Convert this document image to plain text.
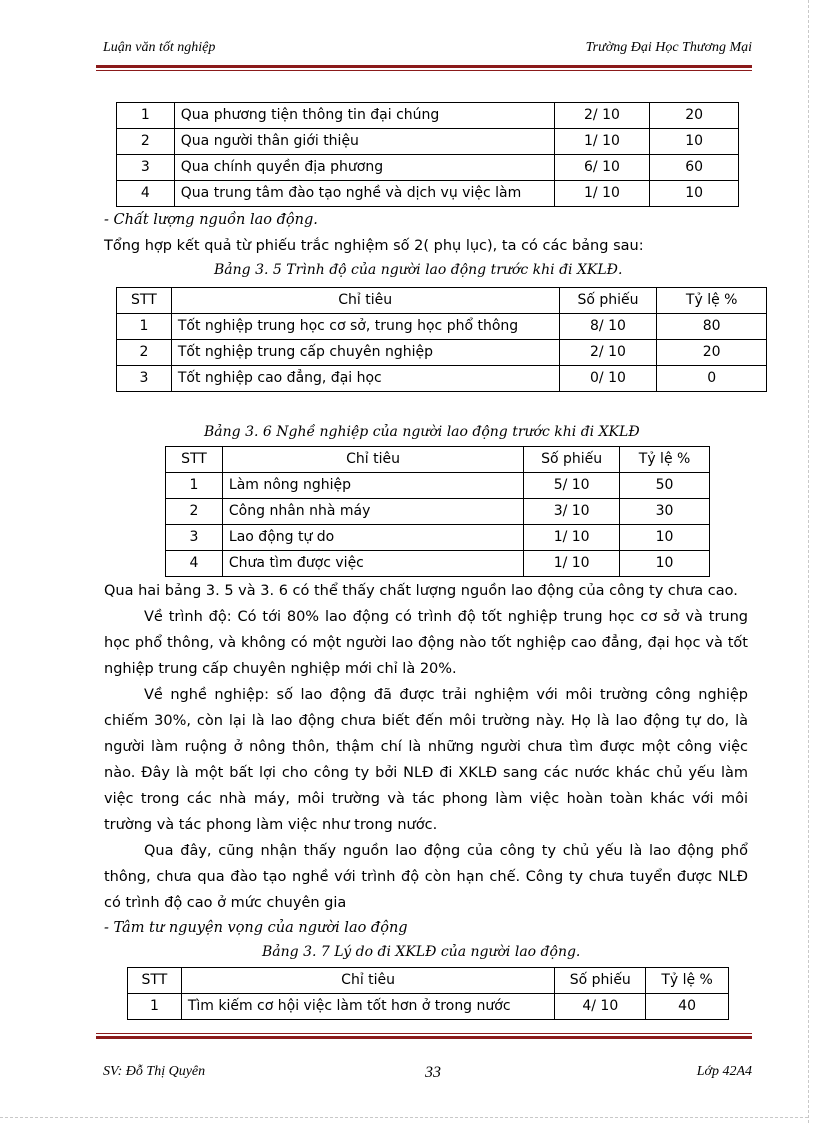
Luận văn tốt nghiệp	Trường Đại Học Thương Mại
1	Qua phương tiện thông tin đại chúng	2/ 10	20
2	Qua người thân giới thiệu	1/ 10	10
3	Qua chính quyền địa phương	6/ 10	60
4	Qua trung tâm đào tạo nghề và dịch vụ việc làm	1/ 10	10
- Chất lượng nguồn lao động.
Tổng hợp kết quả từ phiếu trắc nghiệm số 2( phụ lục), ta có các bảng sau:
Bảng 3. 5 Trình độ của người lao động trước khi đi XKLĐ.
STT	Chỉ tiêu	Số phiếu	Tỷ lệ %
1	Tốt nghiệp trung học cơ sở, trung học phổ thông	8/ 10	80
2	Tốt nghiệp trung cấp chuyên nghiệp	2/ 10	20
3	Tốt nghiệp cao đẳng, đại học	0/ 10	0
Bảng 3. 6 Nghề nghiệp của người lao động trước khi đi XKLĐ
STT	Chỉ tiêu	Số phiếu	Tỷ lệ %
1	Làm nông nghiệp	5/ 10	50
2	Công nhân nhà máy	3/ 10	30
3	Lao động tự do	1/ 10	10
4	Chưa tìm được việc	1/ 10	10
Qua hai bảng 3. 5 và 3. 6 có thể thấy chất lượng nguồn lao động của công ty chưa cao.
Về trình độ: Có tới 80% lao động có trình độ tốt nghiệp trung học cơ sở và trung học phổ thông, và không có một người lao động nào tốt nghiệp cao đẳng, đại học và tốt nghiệp trung cấp chuyên nghiệp mới chỉ là 20%.
Về nghề nghiệp: số lao động đã được trải nghiệm với môi trường công nghiệp chiếm 30%, còn lại là lao động chưa biết đến môi trường này. Họ là lao động tự do, là người làm ruộng ở nông thôn, thậm chí là những người chưa tìm được một công việc nào. Đây là một bất lợi cho công ty bởi NLĐ đi XKLĐ sang các nước khác chủ yếu làm việc trong các nhà máy, môi trường và tác phong làm việc hoàn toàn khác với môi trường và tác phong làm việc như trong nước.
Qua đây, cũng nhận thấy nguồn lao động của công ty chủ yếu là lao động phổ thông, chưa qua đào tạo nghề với trình độ còn hạn chế. Công ty chưa tuyển được NLĐ có trình độ cao ở mức chuyên gia
- Tâm tư nguyện vọng của người lao động
Bảng 3. 7 Lý do đi XKLĐ của người lao động.
STT	Chỉ tiêu	Số phiếu	Tỷ lệ %
1	Tìm kiếm cơ hội việc làm tốt hơn ở trong nước	4/ 10	40
SV: Đỗ Thị Quyên	33	Lớp 42A4
